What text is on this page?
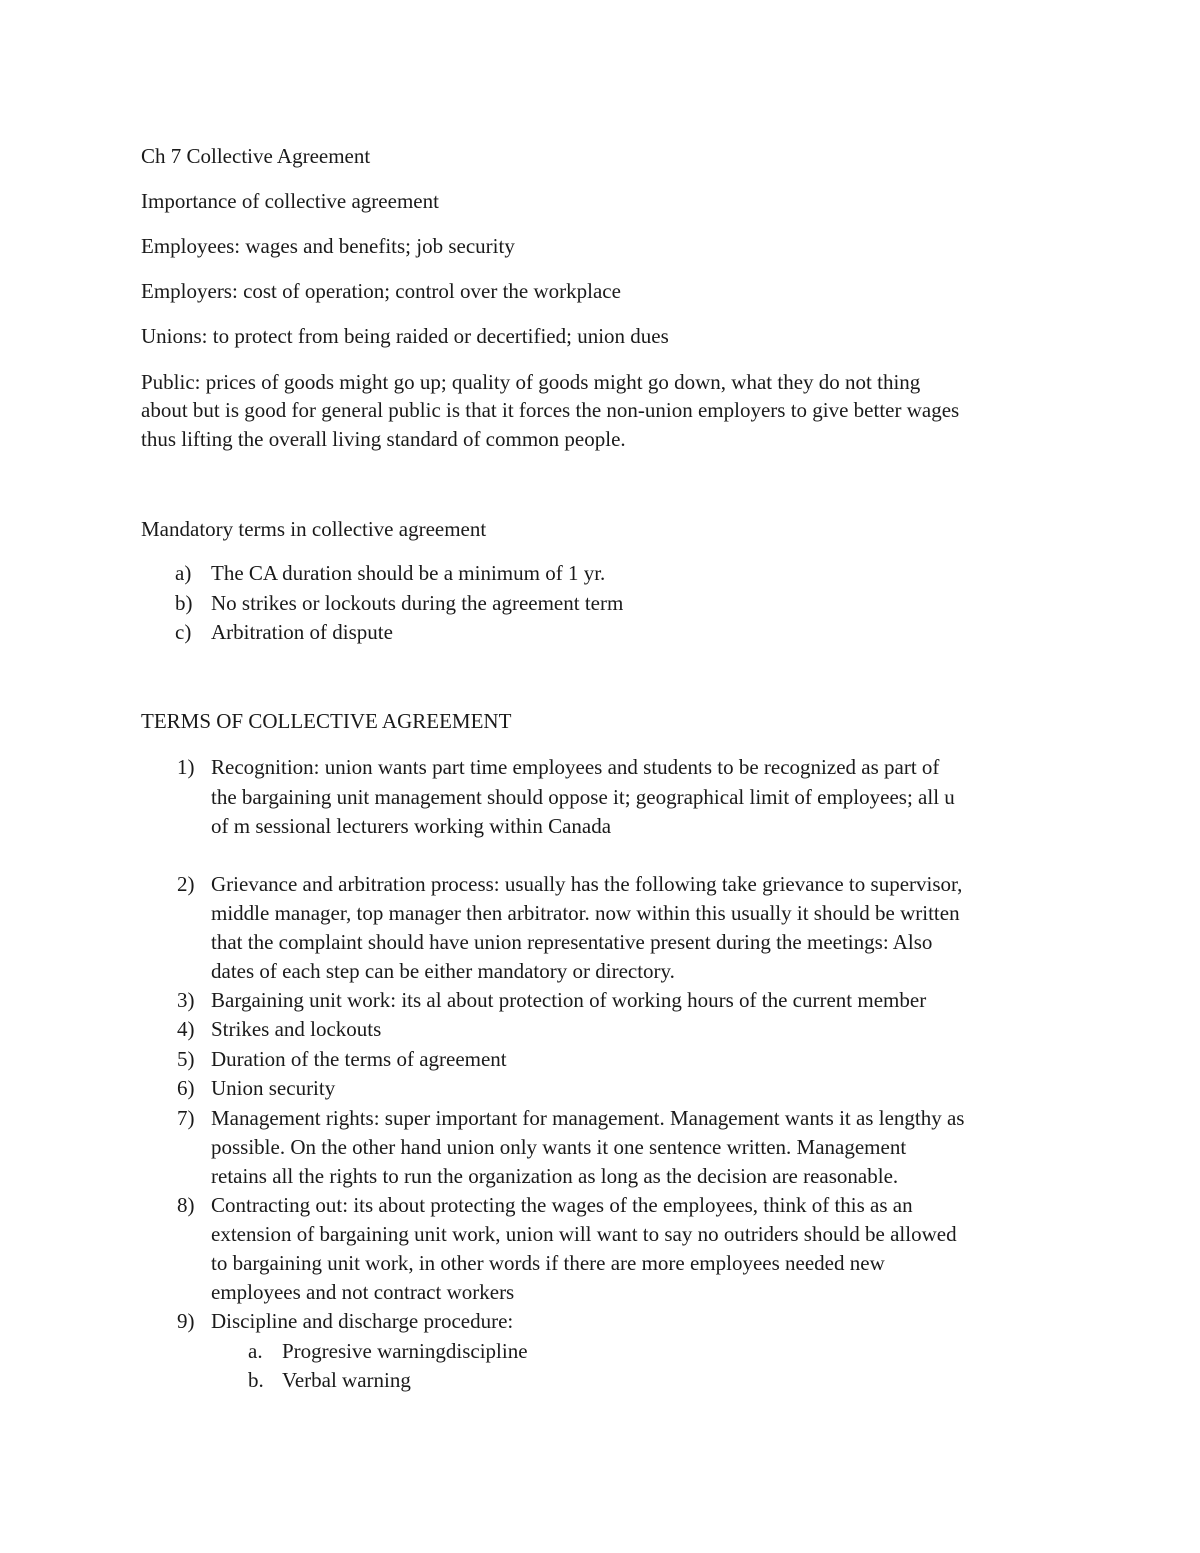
Ch 7 Collective Agreement
Importance of collective agreement
Employees: wages and benefits; job security
Employers: cost of operation; control over the workplace
Unions: to protect from being raided or decertified; union dues
Public: prices of goods might go up; quality of goods might go down, what they do not thing
about but is good for general public is that it forces the non-union employers to give better wages
thus lifting the overall living standard of common people.
Mandatory terms in collective agreement
a) The CA duration should be a minimum of 1 yr.
b) No strikes or lockouts during the agreement term
c) Arbitration of dispute
TERMS OF COLLECTIVE AGREEMENT
1) Recognition: union wants part time employees and students to be recognized as part of
the bargaining unit management should oppose it; geographical limit of employees; all u
of m sessional lecturers working within Canada
2) Grievance and arbitration process: usually has the following take grievance to supervisor,
middle manager, top manager then arbitrator. now within this usually it should be written
that the complaint should have union representative present during the meetings: Also
dates of each step can be either mandatory or directory.
3) Bargaining unit work: its al about protection of working hours of the current member
4) Strikes and lockouts
5) Duration of the terms of agreement
6) Union security
7) Management rights: super important for management. Management wants it as lengthy as
possible. On the other hand union only wants it one sentence written. Management
retains all the rights to run the organization as long as the decision are reasonable.
8) Contracting out: its about protecting the wages of the employees, think of this as an
extension of bargaining unit work, union will want to say no outriders should be allowed
to bargaining unit work, in other words if there are more employees needed new
employees and not contract workers
9) Discipline and discharge procedure:
a. Progresive warningdiscipline
b. Verbal warning
